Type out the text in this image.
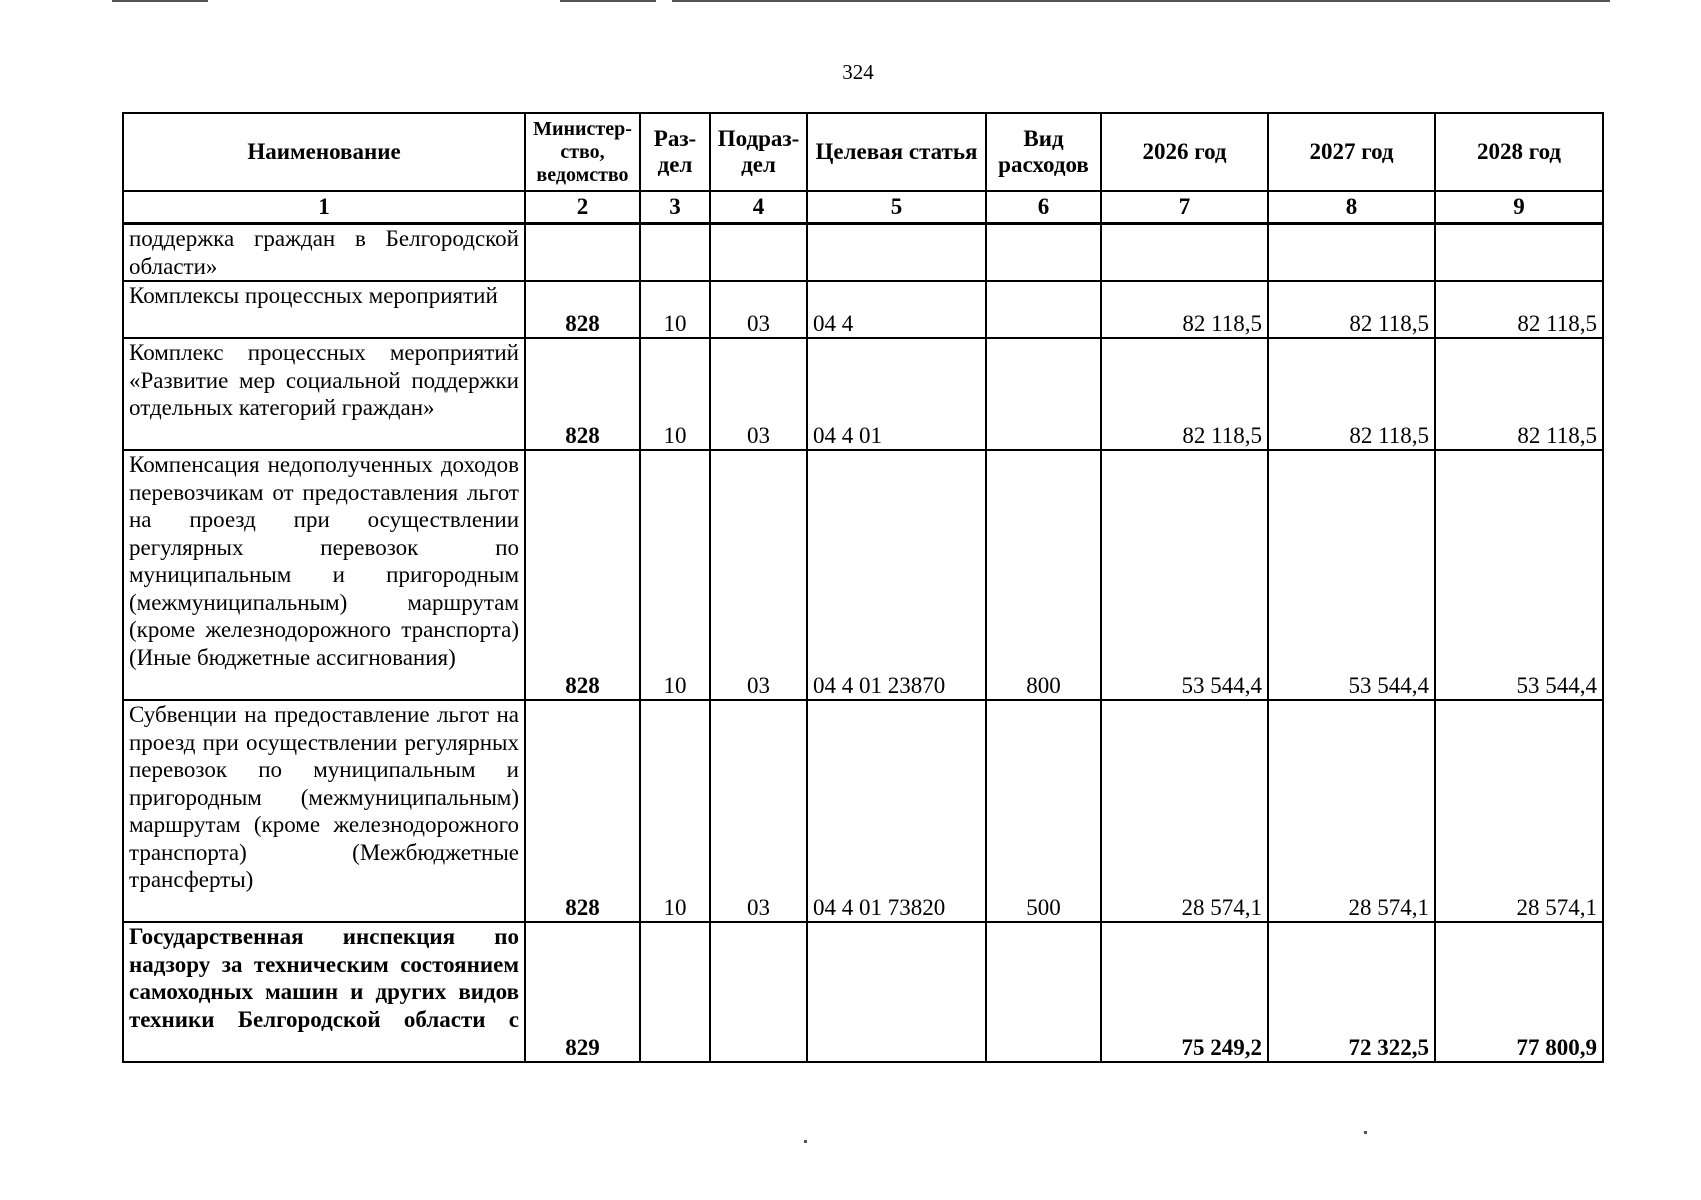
324
Наименование	Министер-ство, ведомство	Раз-дел	Подраз-дел	Целевая статья	Вид расходов	2026 год	2027 год	2028 год
1	2	3	4	5	6	7	8	9
поддержка граждан в Белгородской области»								
Комплексы процессных мероприятий	828	10	03	04 4		82 118,5	82 118,5	82 118,5
Комплекс процессных мероприятий «Развитие мер социальной поддержки отдельных категорий граждан»	828	10	03	04 4 01		82 118,5	82 118,5	82 118,5
Компенсация недополученных доходов перевозчикам от предоставления льгот на проезд при осуществлении регулярных перевозок по муниципальным и пригородным (межмуниципальным) маршрутам (кроме железнодорожного транспорта) (Иные бюджетные ассигнования)	828	10	03	04 4 01 23870	800	53 544,4	53 544,4	53 544,4
Субвенции на предоставление льгот на проезд при осуществлении регулярных перевозок по муниципальным и пригородным (межмуниципальным) маршрутам (кроме железнодорожного транспорта) (Межбюджетные трансферты)	828	10	03	04 4 01 73820	500	28 574,1	28 574,1	28 574,1
Государственная инспекция по надзору за техническим состоянием самоходных машин и других видов техники Белгородской области с	829					75 249,2	72 322,5	77 800,9
